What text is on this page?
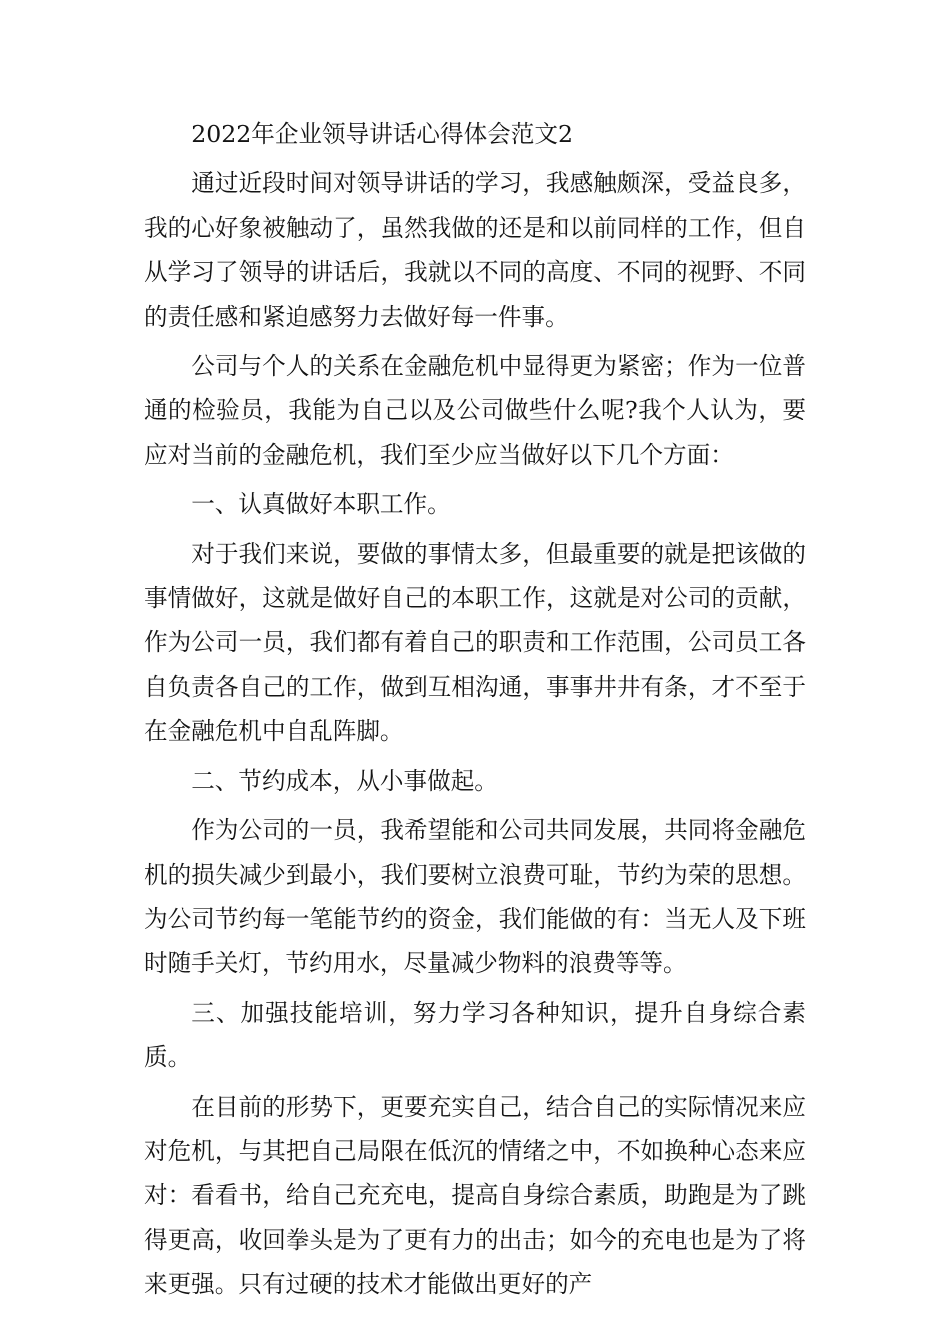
2022年企业领导讲话心得体会范文2

通过近段时间对领导讲话的学习，我感触颇深，受益良多，我的心好象被触动了，虽然我做的还是和以前同样的工作，但自从学习了领导的讲话后，我就以不同的高度、不同的视野、不同的责任感和紧迫感努力去做好每一件事。

公司与个人的关系在金融危机中显得更为紧密；作为一位普通的检验员，我能为自己以及公司做些什么呢?我个人认为，要应对当前的金融危机，我们至少应当做好以下几个方面：

一、认真做好本职工作。

对于我们来说，要做的事情太多，但最重要的就是把该做的事情做好，这就是做好自己的本职工作，这就是对公司的贡献，作为公司一员，我们都有着自己的职责和工作范围，公司员工各自负责各自己的工作，做到互相沟通，事事井井有条，才不至于在金融危机中自乱阵脚。

二、节约成本，从小事做起。

作为公司的一员，我希望能和公司共同发展，共同将金融危机的损失减少到最小，我们要树立浪费可耻，节约为荣的思想。为公司节约每一笔能节约的资金，我们能做的有：当无人及下班时随手关灯，节约用水，尽量减少物料的浪费等等。

三、加强技能培训，努力学习各种知识，提升自身综合素质。

在目前的形势下，更要充实自己，结合自己的实际情况来应对危机，与其把自己局限在低沉的情绪之中，不如换种心态来应对：看看书，给自己充充电，提高自身综合素质，助跑是为了跳得更高，收回拳头是为了更有力的出击；如今的充电也是为了将来更强。只有过硬的技术才能做出更好的产
